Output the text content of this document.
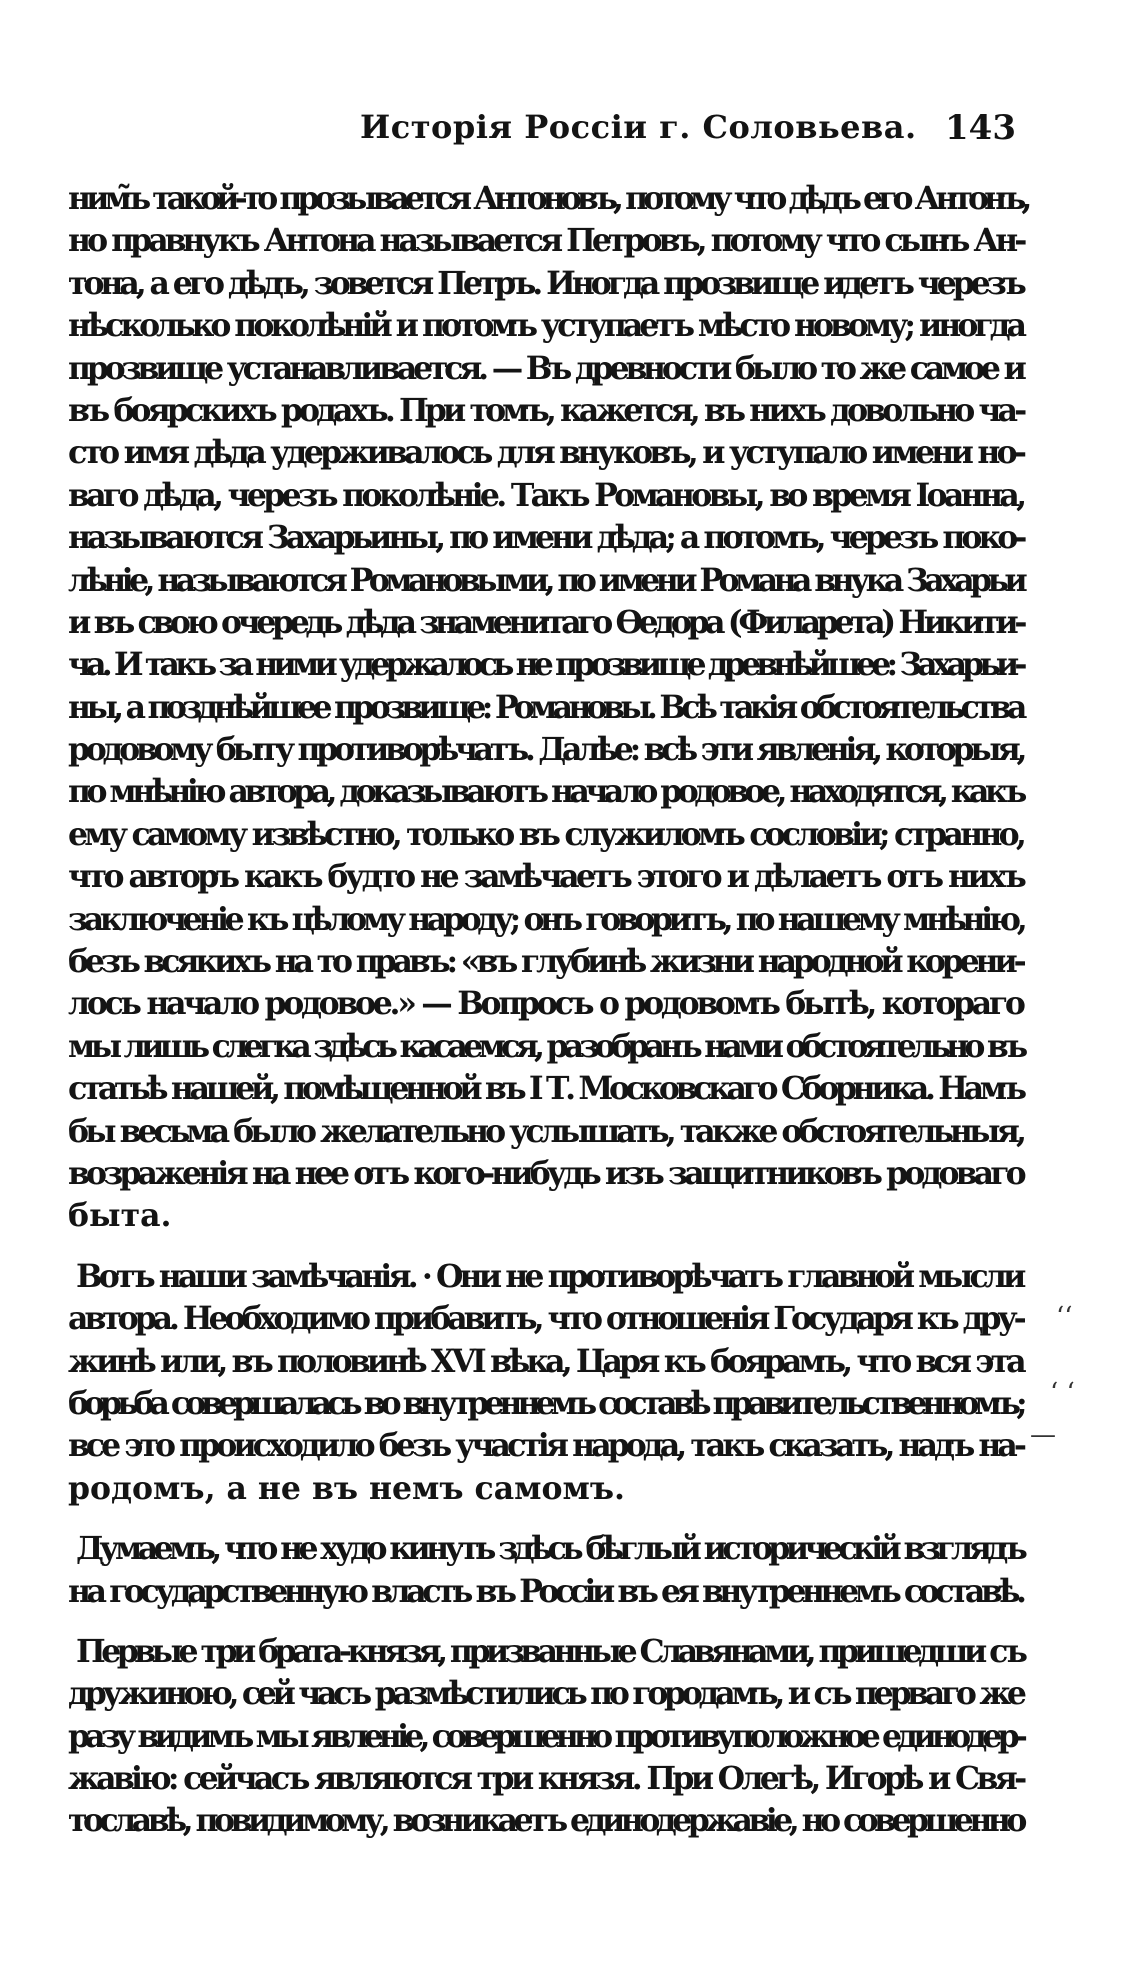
Исторія Россіи г. Соловьева. 143
ним̃ъ такой-то прозывается Антоновъ, потому что дѣдъ его Антонъ,
но правнукъ Антона называется Петровъ, потому что сынъ Ан-
тона, а его дѣдъ, зовется Петръ. Иногда прозвище идетъ черезъ
нѣсколько поколѣній и потомъ уступаетъ мѣсто новому; иногда
прозвище устанавливается. — Въ древности было то же самое и
въ боярскихъ родахъ. При томъ, кажется, въ нихъ довольно ча-
сто имя дѣда удерживалось для внуковъ, и уступало имени но-
ваго дѣда, черезъ поколѣніе. Такъ Романовы, во время Іоанна,
называются Захарьины, по имени дѣда; а потомъ, черезъ поко-
лѣніе, называются Романовыми, по имени Романа внука Захарьи
и въ свою очередь дѣда знаменитаго Ѳедора (Филарета) Никити-
ча. И такъ за ними удержалось не прозвище древнѣйшее: Захарьи-
ны, а позднѣйшее прозвище: Романовы. Всѣ такія обстоятельства
родовому быту противорѣчатъ. Далѣе: всѣ эти явленія, которыя,
по мнѣнію автора, доказываютъ начало родовое, находятся, какъ
ему самому извѣстно, только въ служиломъ сословіи; странно,
что авторъ какъ будто не замѣчаетъ этого и дѣлаетъ отъ нихъ
заключеніе къ цѣлому народу; онъ говоритъ, по нашему мнѣнію,
безъ всякихъ на то правъ: «въ глубинѣ жизни народной корени-
лось начало родовое.» — Вопросъ о родовомъ бытѣ, котораго
мы лишь слегка здѣсь касаемся, разобранъ нами обстоятельно въ
статьѣ нашей, помѣщенной въ I Т. Московскаго Сборника. Намъ
бы весьма было желательно услышать, также обстоятельныя,
возраженія на нее отъ кого-нибудь изъ защитниковъ родоваго
быта.
Вотъ наши замѣчанія. · Они не противорѣчатъ главной мысли
автора. Необходимо прибавить, что отношенія Государя къ дру-
жинѣ или, въ половинѣ XVI вѣка, Царя къ боярамъ, что вся эта
борьба совершалась во внутреннемъ составѣ правительственномъ;
все это происходило безъ участія народа, такъ сказать, надъ на-
родомъ, а не въ немъ самомъ.
Думаемъ, что не худо кинуть здѣсь бѣглый историческій взглядъ
на государственную власть въ Россіи въ ея внутреннемъ составѣ.
Первые три брата-князя, призванные Славянами, пришедши съ
дружиною, сей часъ размѣстились по городамъ, и съ перваго же
разу видимъ мы явленіе, совершенно противуположное единодер-
жавію: сейчасъ являются три князя. При Олегѣ, Игорѣ и Свя-
тославѣ, повидимому, возникаетъ единодержавіе, но совершенно
ʻʻ
‘ ‘
—
